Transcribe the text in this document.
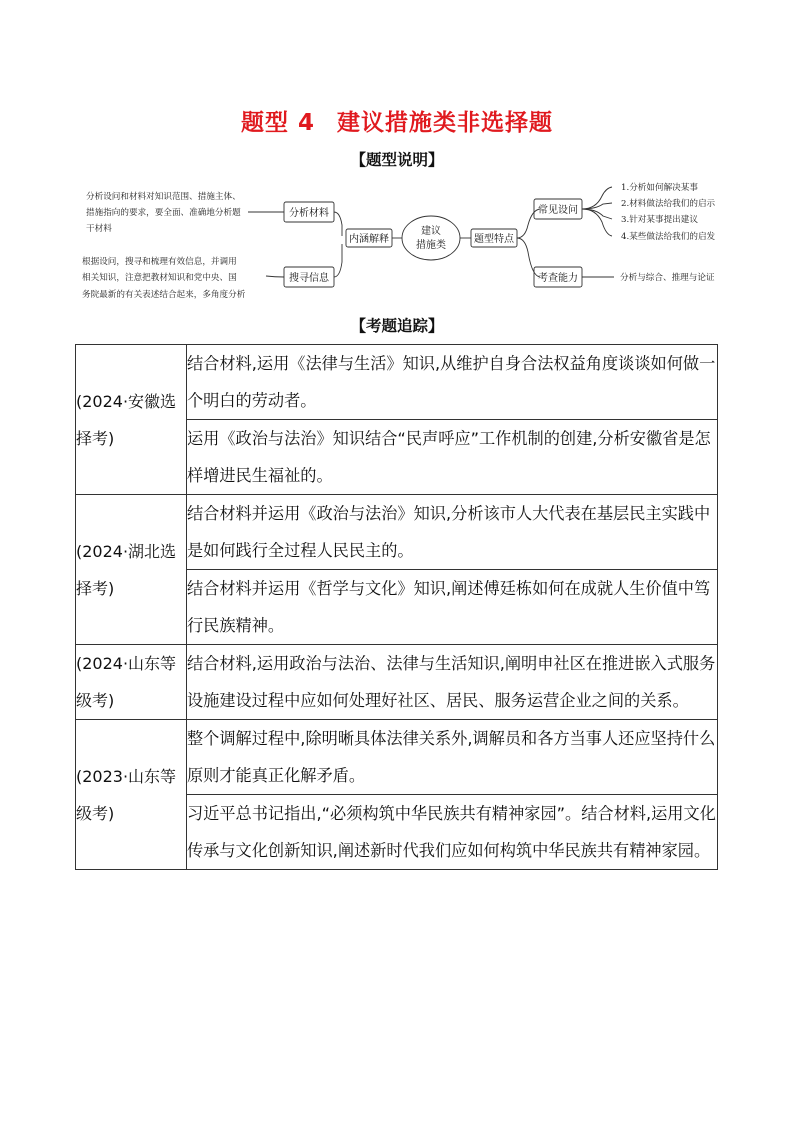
题型 4 建议措施类非选择题
【题型说明】
分析设问和材料对知识范围、措施主体、
措施指向的要求，要全面、准确地分析题
干材料
根据设问，搜寻和梳理有效信息，并调用
相关知识，注意把教材知识和党中央、国
务院最新的有关表述结合起来，多角度分析
分析材料
搜寻信息
内涵解释
建议
措施类
题型特点
常见设问
考查能力
1.分析如何解决某事
2.材料做法给我们的启示
3.针对某事提出建议
4.某些做法给我们的启发
分析与综合、推理与论证
【考题追踪】
(2024·安徽选择考)	结合材料,运用《法律与生活》知识,从维护自身合法权益角度谈谈如何做一个明白的劳动者。
	运用《政治与法治》知识结合“民声呼应”工作机制的创建,分析安徽省是怎样增进民生福祉的。
(2024·湖北选择考)	结合材料并运用《政治与法治》知识,分析该市人大代表在基层民主实践中是如何践行全过程人民民主的。
	结合材料并运用《哲学与文化》知识,阐述傅廷栋如何在成就人生价值中笃行民族精神。
(2024·山东等级考)	结合材料,运用政治与法治、法律与生活知识,阐明申社区在推进嵌入式服务设施建设过程中应如何处理好社区、居民、服务运营企业之间的关系。
(2023·山东等级考)	整个调解过程中,除明晰具体法律关系外,调解员和各方当事人还应坚持什么原则才能真正化解矛盾。
	习近平总书记指出,“必须构筑中华民族共有精神家园”。结合材料,运用文化传承与文化创新知识,阐述新时代我们应如何构筑中华民族共有精神家园。
